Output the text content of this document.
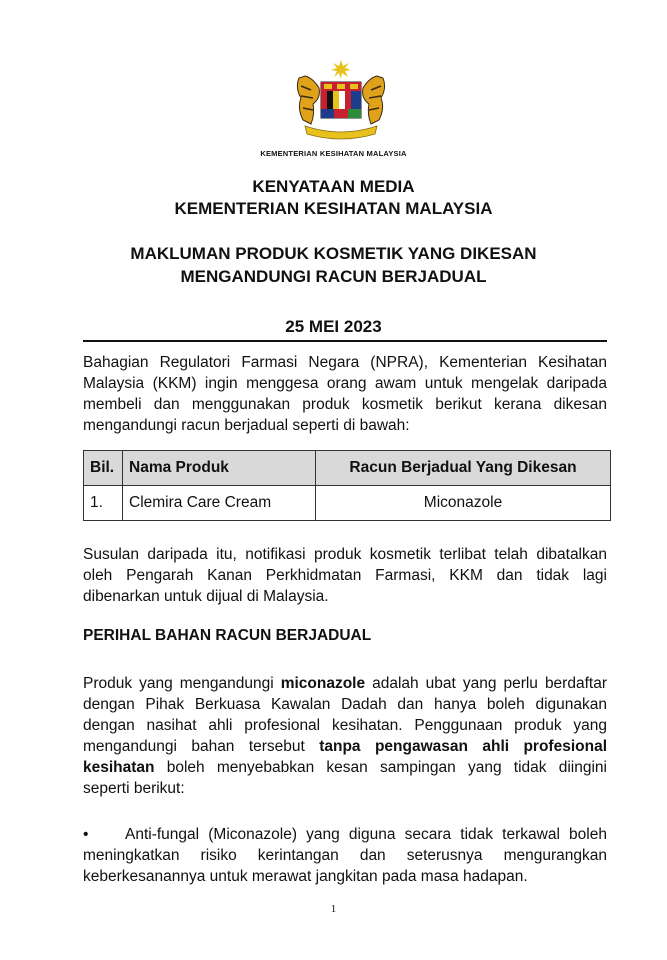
KEMENTERIAN KESIHATAN MALAYSIA
KENYATAAN MEDIA
KEMENTERIAN KESIHATAN MALAYSIA
MAKLUMAN PRODUK KOSMETIK YANG DIKESAN
MENGANDUNGI RACUN BERJADUAL
25 MEI 2023
Bahagian Regulatori Farmasi Negara (NPRA), Kementerian Kesihatan
Malaysia (KKM) ingin menggesa orang awam untuk mengelak daripada
membeli dan menggunakan produk kosmetik berikut kerana dikesan
mengandungi racun berjadual seperti di bawah:
Bil.	Nama Produk	Racun Berjadual Yang Dikesan
1.	Clemira Care Cream	Miconazole
Susulan daripada itu, notifikasi produk kosmetik terlibat telah dibatalkan
oleh Pengarah Kanan Perkhidmatan Farmasi, KKM dan tidak lagi
dibenarkan untuk dijual di Malaysia.
PERIHAL BAHAN RACUN BERJADUAL
Produk yang mengandungi miconazole adalah ubat yang perlu berdaftar
dengan Pihak Berkuasa Kawalan Dadah dan hanya boleh digunakan
dengan nasihat ahli profesional kesihatan. Penggunaan produk yang
mengandungi bahan tersebut tanpa pengawasan ahli profesional
kesihatan boleh menyebabkan kesan sampingan yang tidak diingini
seperti berikut:
• Anti-fungal (Miconazole) yang diguna secara tidak terkawal boleh
meningkatkan risiko kerintangan dan seterusnya mengurangkan
keberkesanannya untuk merawat jangkitan pada masa hadapan.
1
